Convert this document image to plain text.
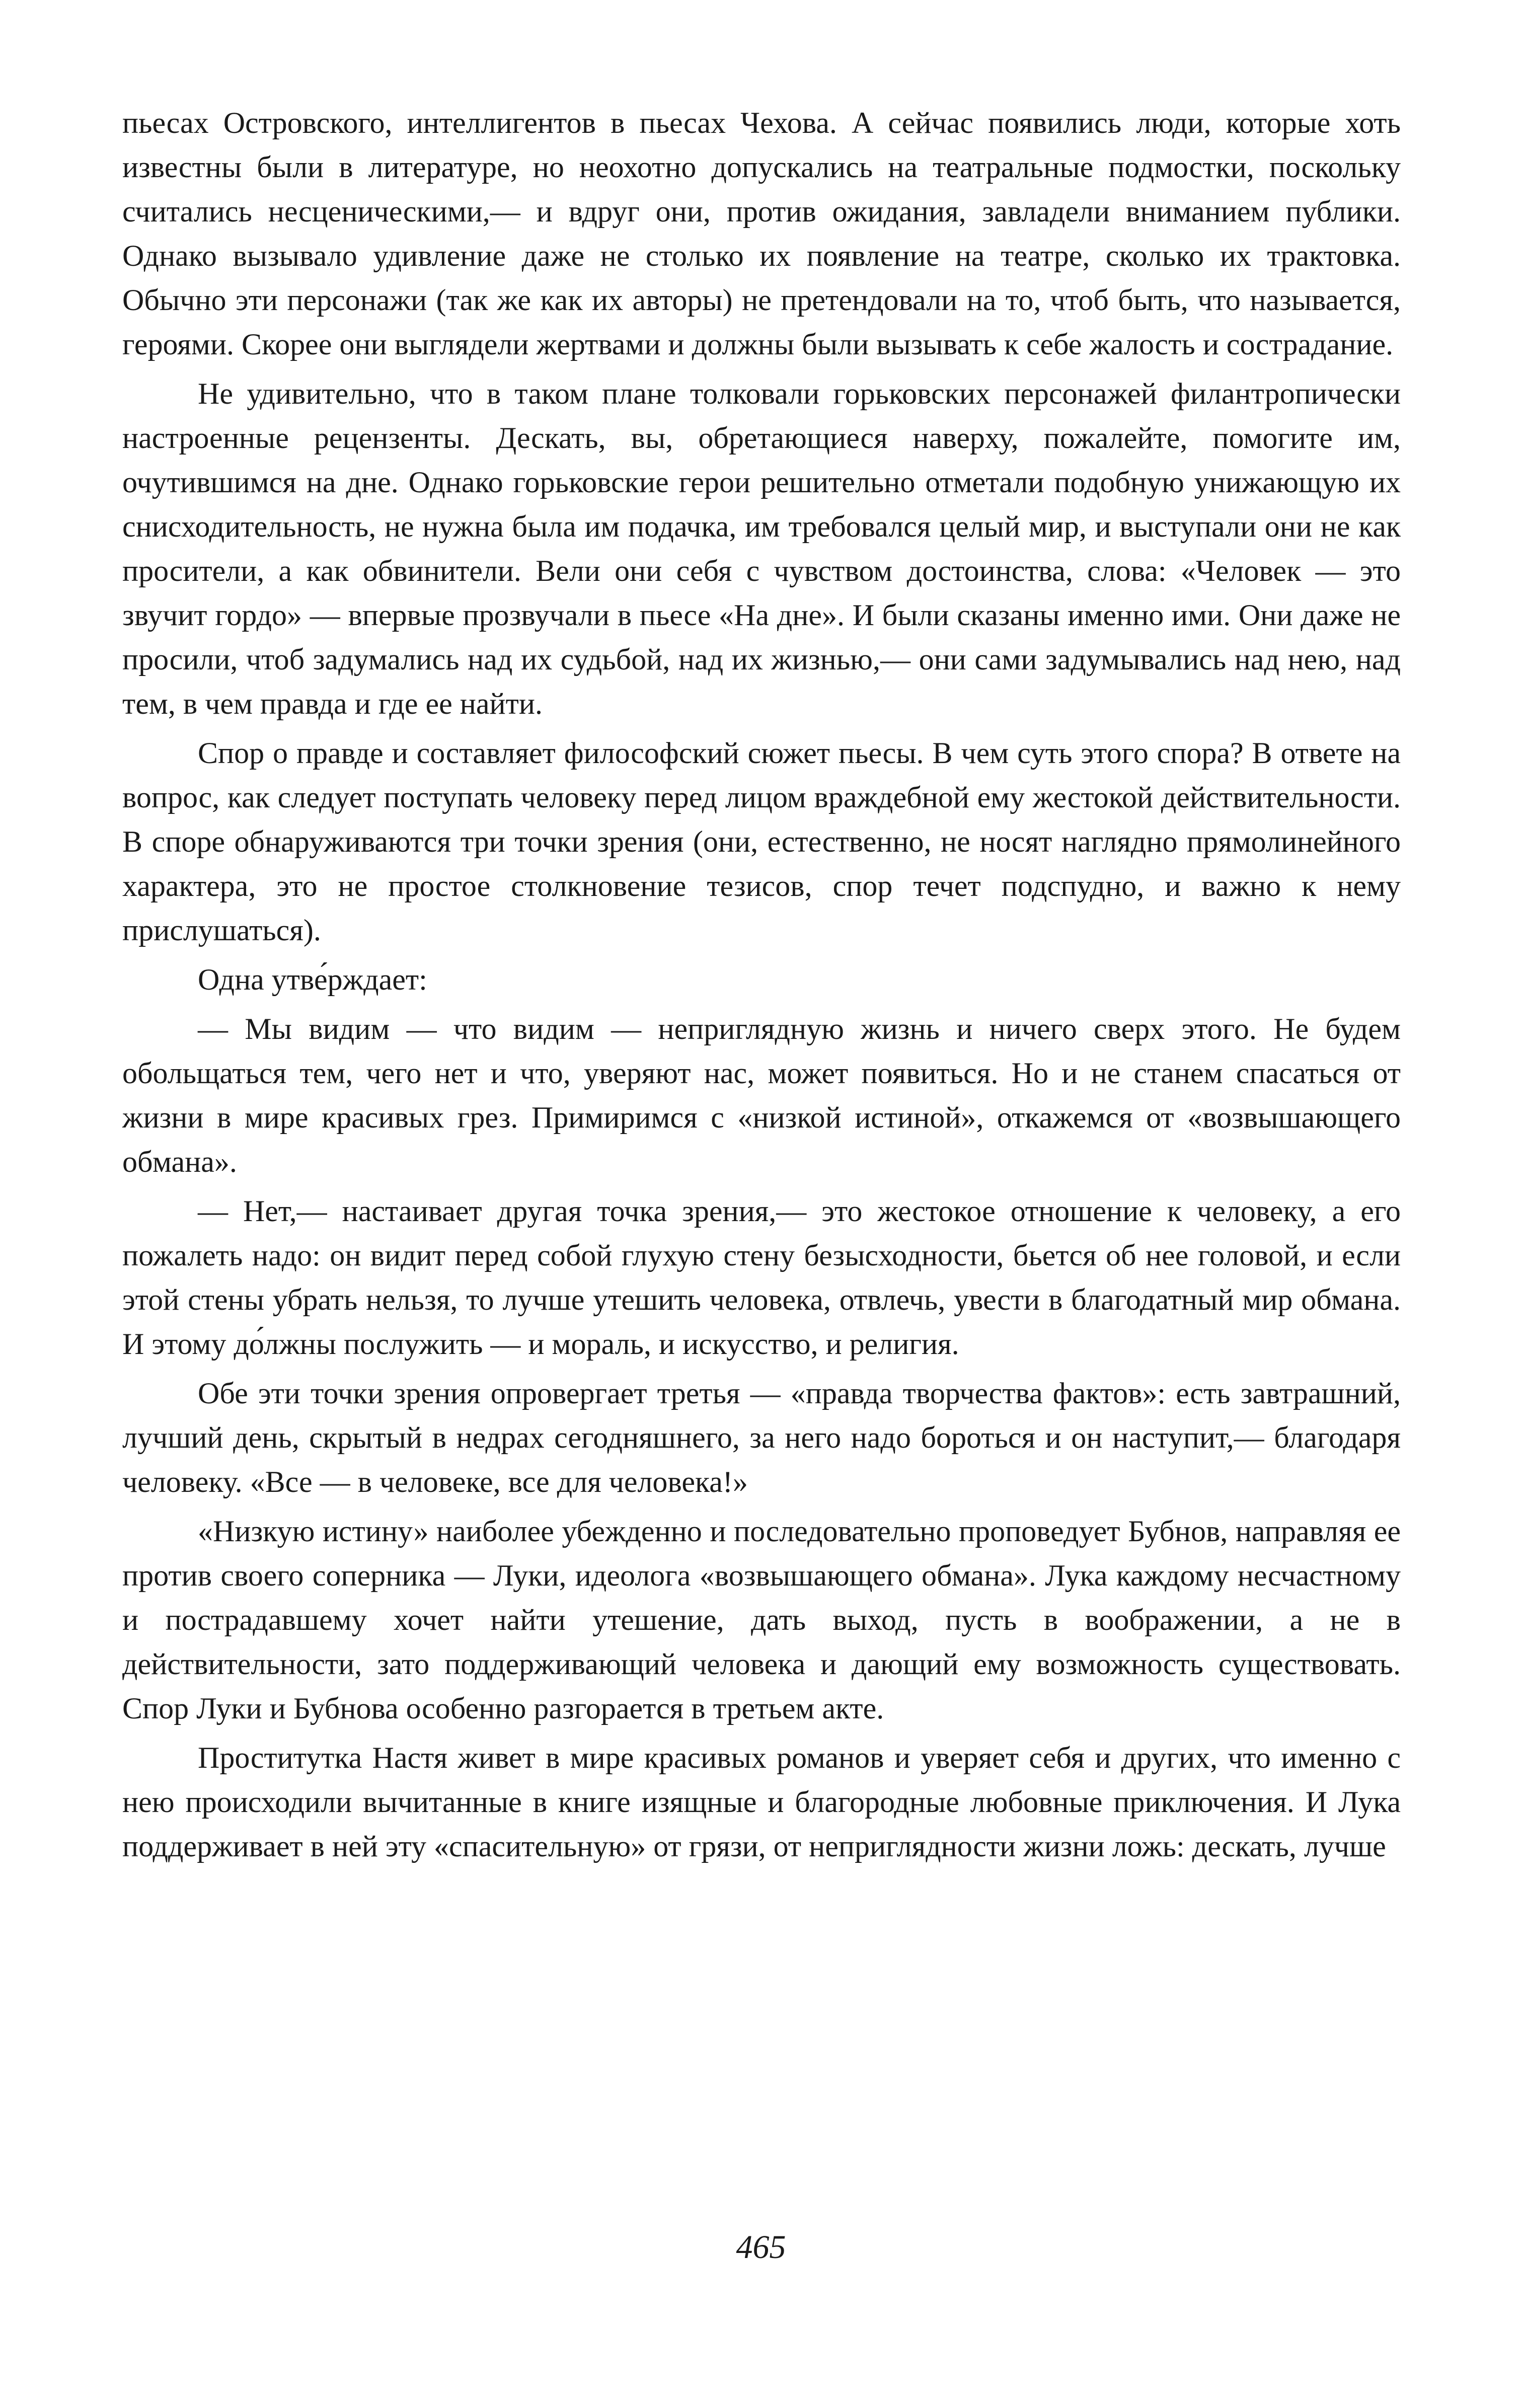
пьесах Островского, интеллигентов в пьесах Чехова. А сейчас появились люди, которые хоть известны были в литературе, но неохотно допускались на театральные подмостки, поскольку считались несценическими,— и вдруг они, против ожидания, завладели вниманием публики. Однако вызывало удивление даже не столько их появление на театре, сколько их трактовка. Обычно эти персонажи (так же как их авторы) не претендовали на то, чтоб быть, что называется, героями. Скорее они выглядели жертвами и должны были вызывать к себе жалость и сострадание.

Не удивительно, что в таком плане толковали горьковских персонажей филантропически настроенные рецензенты. Дескать, вы, обретающиеся наверху, пожалейте, помогите им, очутившимся на дне. Однако горьковские герои решительно отметали подобную унижающую их снисходительность, не нужна была им подачка, им требовался целый мир, и выступали они не как просители, а как обвинители. Вели они себя с чувством достоинства, слова: «Человек — это звучит гордо» — впервые прозвучали в пьесе «На дне». И были сказаны именно ими. Они даже не просили, чтоб задумались над их судьбой, над их жизнью,— они сами задумывались над нею, над тем, в чем правда и где ее найти.

Спор о правде и составляет философский сюжет пьесы. В чем суть этого спора? В ответе на вопрос, как следует поступать человеку перед лицом враждебной ему жестокой действительности. В споре обнаруживаются три точки зрения (они, естественно, не носят наглядно прямолинейного характера, это не простое столкновение тезисов, спор течет подспудно, и важно к нему прислушаться).

Одна утве́рждает:

— Мы видим — что видим — неприглядную жизнь и ничего сверх этого. Не будем обольщаться тем, чего нет и что, уверяют нас, может появиться. Но и не станем спасаться от жизни в мире красивых грез. Примиримся с «низкой истиной», откажемся от «возвышающего обмана».

— Нет,— настаивает другая точка зрения,— это жестокое отношение к человеку, а его пожалеть надо: он видит перед собой глухую стену безысходности, бьется об нее головой, и если этой стены убрать нельзя, то лучше утешить человека, отвлечь, увести в благодатный мир обмана. И этому до́лжны послужить — и мораль, и искусство, и религия.

Обе эти точки зрения опровергает третья — «правда творчества фактов»: есть завтрашний, лучший день, скрытый в недрах сегодняшнего, за него надо бороться и он наступит,— благодаря человеку. «Все — в человеке, все для человека!»

«Низкую истину» наиболее убежденно и последовательно проповедует Бубнов, направляя ее против своего соперника — Луки, идеолога «возвышающего обмана». Лука каждому несчастному и пострадавшему хочет найти утешение, дать выход, пусть в воображении, а не в действительности, зато поддерживающий человека и дающий ему возможность существовать. Спор Луки и Бубнова особенно разгорается в третьем акте.

Проститутка Настя живет в мире красивых романов и уверяет себя и других, что именно с нею происходили вычитанные в книге изящные и благородные любовные приключения. И Лука поддерживает в ней эту «спасительную» от грязи, от неприглядности жизни ложь: дескать, лучше

465
